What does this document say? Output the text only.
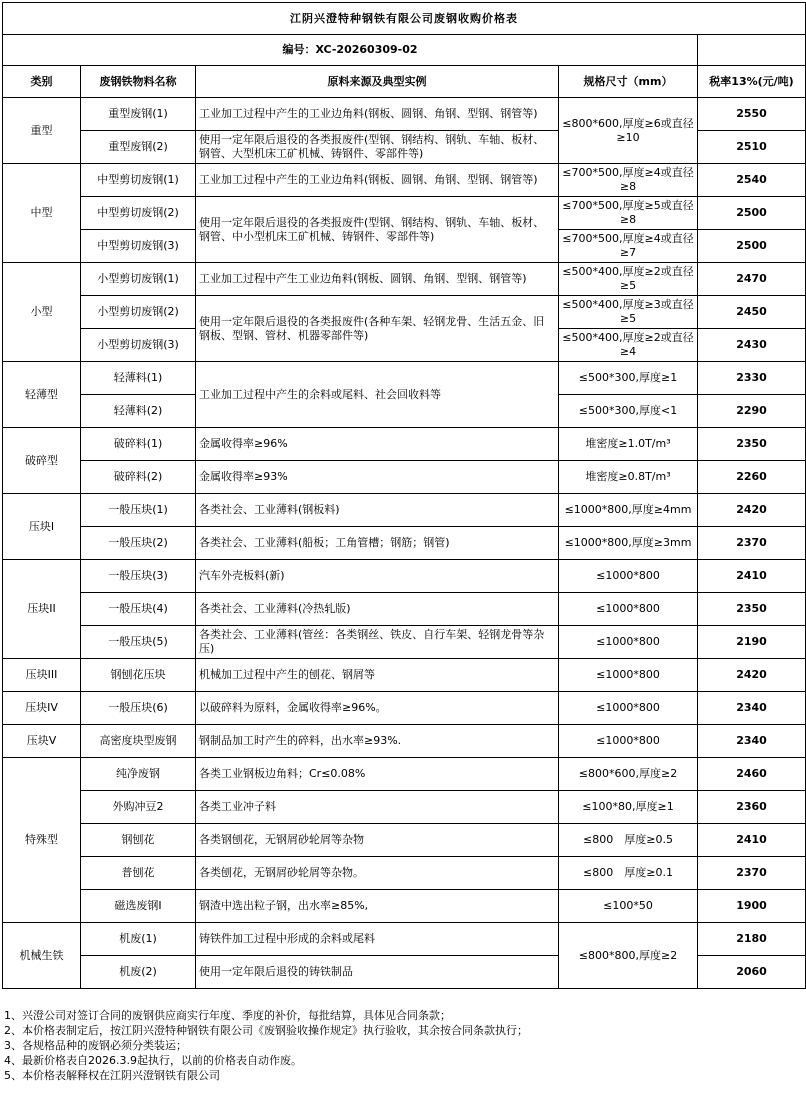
江阴兴澄特种钢铁有限公司废钢收购价格表				
编号：XC-20260309-02				
类别	废钢铁物料名称	原料来源及典型实例	规格尺寸（mm）	税率13%(元/吨)
重型	重型废钢(1)	工业加工过程中产生的工业边角料(钢板、圆钢、角钢、型钢、钢管等)	≤800*600,厚度≥6或直径≥10	2550
	重型废钢(2)	使用一定年限后退役的各类报废件(型钢、钢结构、钢轨、车轴、板材、钢管、大型机床工矿机械、铸钢件、零部件等)		2510
中型	中型剪切废钢(1)	工业加工过程中产生的工业边角料(钢板、圆钢、角钢、型钢、钢管等)	≤700*500,厚度≥4或直径≥8	2540
	中型剪切废钢(2)	使用一定年限后退役的各类报废件(型钢、钢结构、钢轨、车轴、板材、钢管、中小型机床工矿机械、铸钢件、零部件等)	≤700*500,厚度≥5或直径≥8	2500
	中型剪切废钢(3)		≤700*500,厚度≥4或直径≥7	2500
小型	小型剪切废钢(1)	工业加工过程中产生工业边角料(钢板、圆钢、角钢、型钢、钢管等)	≤500*400,厚度≥2或直径≥5	2470
	小型剪切废钢(2)	使用一定年限后退役的各类报废件(各种车架、轻钢龙骨、生活五金、旧钢板、型钢、管材、机器零部件等)	≤500*400,厚度≥3或直径≥5	2450
	小型剪切废钢(3)		≤500*400,厚度≥2或直径≥4	2430
轻薄型	轻薄料(1)	工业加工过程中产生的余料或尾料、社会回收料等	≤500*300,厚度≥1	2330
	轻薄料(2)		≤500*300,厚度<1	2290
破碎型	破碎料(1)	金属收得率≥96%	堆密度≥1.0T/m³	2350
	破碎料(2)	金属收得率≥93%	堆密度≥0.8T/m³	2260
压块I	一般压块(1)	各类社会、工业薄料(钢板料)	≤1000*800,厚度≥4mm	2420
	一般压块(2)	各类社会、工业薄料(船板；工角管槽；钢筋；钢管)	≤1000*800,厚度≥3mm	2370
压块II	一般压块(3)	汽车外壳板料(新)	≤1000*800	2410
	一般压块(4)	各类社会、工业薄料(冷热轧版)	≤1000*800	2350
	一般压块(5)	各类社会、工业薄料(管丝：各类钢丝、铁皮、自行车架、轻钢龙骨等杂压)	≤1000*800	2190
压块III	钢刨花压块	机械加工过程中产生的刨花、钢屑等	≤1000*800	2420
压块IV	一般压块(6)	以破碎料为原料，金属收得率≥96%。	≤1000*800	2340
压块V	高密度块型废钢	钢制品加工时产生的碎料，出水率≥93%.	≤1000*800	2340
特殊型	纯净废钢	各类工业钢板边角料；Cr≤0.08%	≤800*600,厚度≥2	2460
	外购冲豆2	各类工业冲子料	≤100*80,厚度≥1	2360
	钢刨花	各类钢刨花，无钢屑砂轮屑等杂物	≤800　厚度≥0.5	2410
	普刨花	各类刨花，无钢屑砂轮屑等杂物。	≤800　厚度≥0.1	2370
	磁选废钢I	钢渣中选出粒子钢，出水率≥85%,	≤100*50	1900
机械生铁	机废(1)	铸铁件加工过程中形成的余料或尾料	≤800*800,厚度≥2	2180
	机废(2)	使用一定年限后退役的铸铁制品		2060
1、兴澄公司对签订合同的废钢供应商实行年度、季度的补价，每批结算，具体见合同条款；
2、本价格表制定后，按江阴兴澄特种钢铁有限公司《废钢验收操作规定》执行验收，其余按合同条款执行；
3、各规格品种的废钢必须分类装运；
4、最新价格表自2026.3.9起执行，以前的价格表自动作废。
5、本价格表解释权在江阴兴澄钢铁有限公司
